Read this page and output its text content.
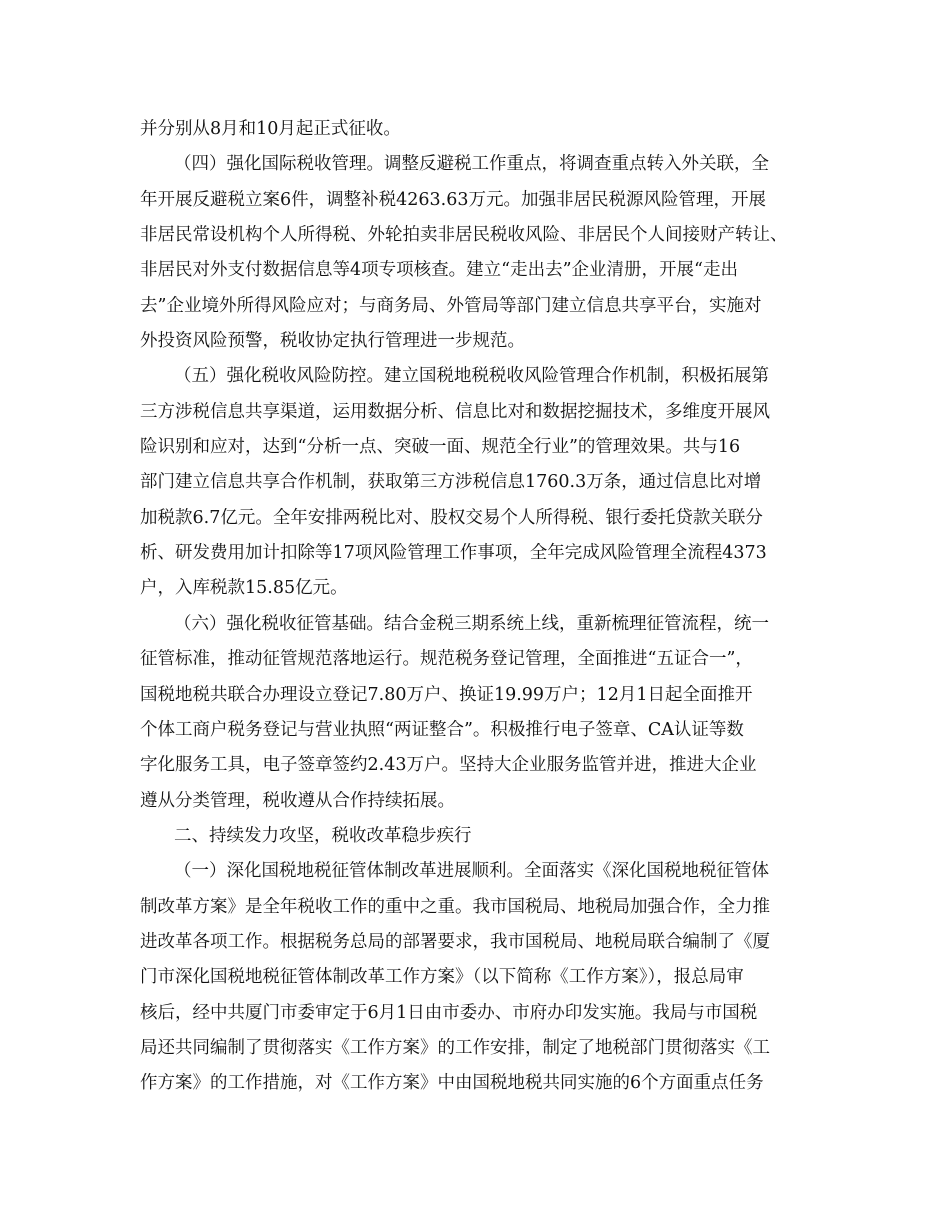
并分别从8月和10月起正式征收。
（四）强化国际税收管理。调整反避税工作重点，将调查重点转入外关联，全
年开展反避税立案6件，调整补税4263.63万元。加强非居民税源风险管理，开展
非居民常设机构个人所得税、外轮拍卖非居民税收风险、非居民个人间接财产转让、
非居民对外支付数据信息等4项专项核查。建立“走出去”企业清册，开展“走出
去”企业境外所得风险应对；与商务局、外管局等部门建立信息共享平台，实施对
外投资风险预警，税收协定执行管理进一步规范。
（五）强化税收风险防控。建立国税地税税收风险管理合作机制，积极拓展第
三方涉税信息共享渠道，运用数据分析、信息比对和数据挖掘技术，多维度开展风
险识别和应对，达到“分析一点、突破一面、规范全行业”的管理效果。共与16
部门建立信息共享合作机制，获取第三方涉税信息1760.3万条，通过信息比对增
加税款6.7亿元。全年安排两税比对、股权交易个人所得税、银行委托贷款关联分
析、研发费用加计扣除等17项风险管理工作事项，全年完成风险管理全流程4373
户，入库税款15.85亿元。
（六）强化税收征管基础。结合金税三期系统上线，重新梳理征管流程，统一
征管标准，推动征管规范落地运行。规范税务登记管理，全面推进“五证合一”，
国税地税共联合办理设立登记7.80万户、换证19.99万户；12月1日起全面推开
个体工商户税务登记与营业执照“两证整合”。积极推行电子签章、CA认证等数
字化服务工具，电子签章签约2.43万户。坚持大企业服务监管并进，推进大企业
遵从分类管理，税收遵从合作持续拓展。
二、持续发力攻坚，税收改革稳步疾行
（一）深化国税地税征管体制改革进展顺利。全面落实《深化国税地税征管体
制改革方案》是全年税收工作的重中之重。我市国税局、地税局加强合作，全力推
进改革各项工作。根据税务总局的部署要求，我市国税局、地税局联合编制了《厦
门市深化国税地税征管体制改革工作方案》（以下简称《工作方案》），报总局审
核后，经中共厦门市委审定于6月1日由市委办、市府办印发实施。我局与市国税
局还共同编制了贯彻落实《工作方案》的工作安排，制定了地税部门贯彻落实《工
作方案》的工作措施，对《工作方案》中由国税地税共同实施的6个方面重点任务
